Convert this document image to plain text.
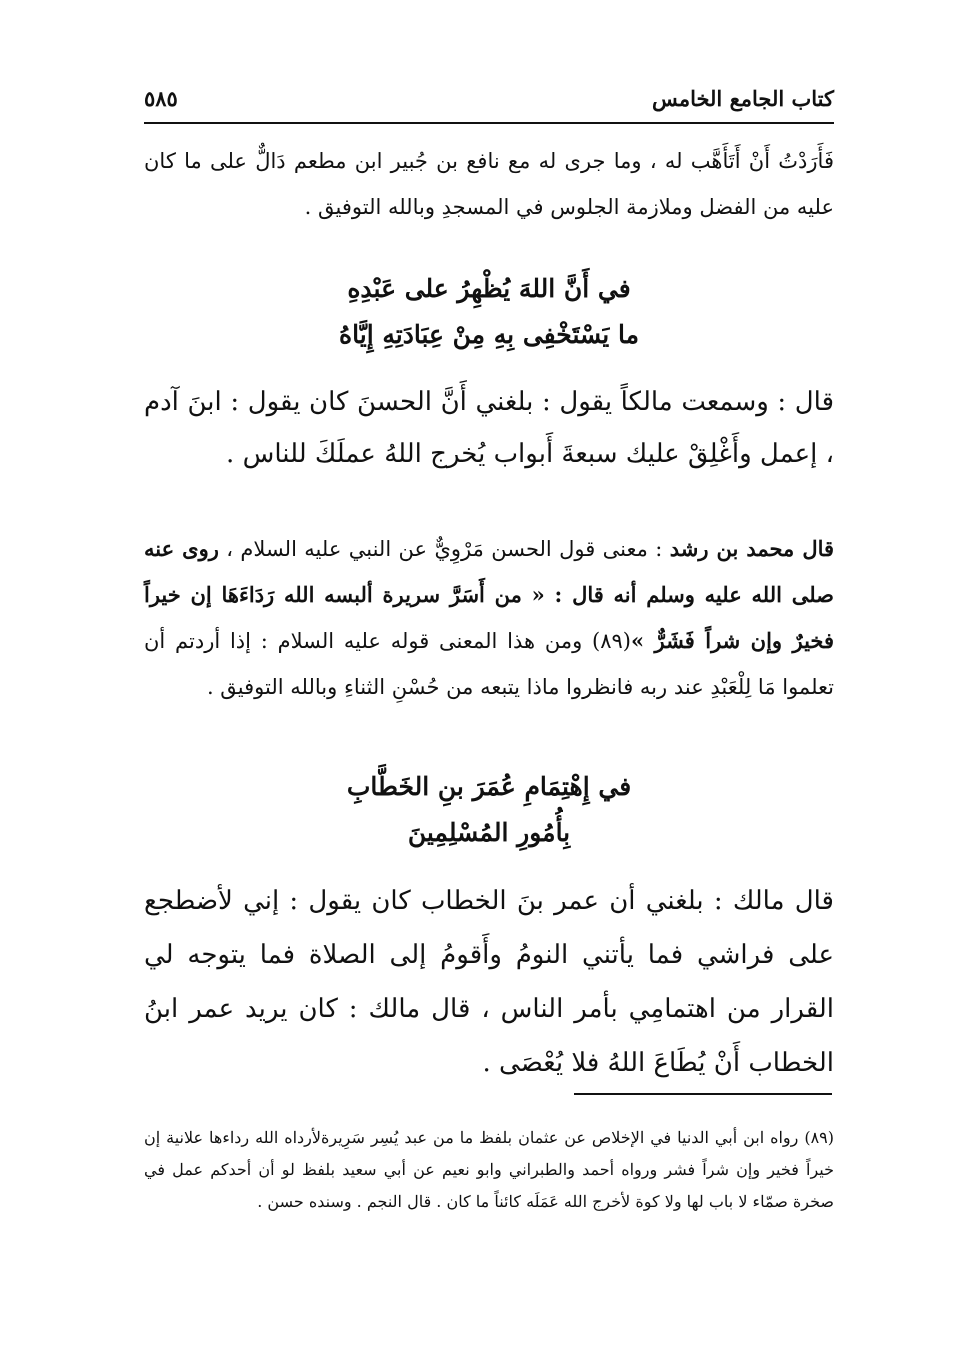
كتاب الجامع الخامس
٥٨٥

فَأَرَدْتُ أَنْ أَتَأَهَّب له ، وما جرى له مع نافع بن جُبير ابن مطعم دَالٌّ على ما كان عليه من الفضل وملازمة الجلوس في المسجدِ وبالله التوفيق .

في أَنَّ اللهَ يُظْهِرُ على عَبْدِهِ
ما يَسْتَخْفِى بِهِ مِنْ عِبَادَتِهِ إِيَّاهُ

قال : وسمعت مالكاً يقول : بلغني أَنَّ الحسنَ كان يقول : ابنَ آدم ، إعمل وأَغْلِقْ عليك سبعةَ أَبواب يُخرج اللهُ عملَكَ للناس .

قال محمد بن رشد : معنى قول الحسن مَرْوِيٌّ عن النبي عليه السلام ، روى عنه صلى الله عليه وسلم أنه قال : « من أَسَرَّ سريرة ألبسه الله رَدَاءَهَا إن خيراً فخيرٌ وإن شراً فَشَرٌّ »(٨٩) ومن هذا المعنى قوله عليه السلام : إذا أردتم أن تعلموا مَا لِلْعَبْدِ عند ربه فانظروا ماذا يتبعه من حُسْنِ الثناءِ وبالله التوفيق .

في إِهْتِمَامِ عُمَرَ بنِ الخَطَّابِ
بِأُمُورِ المُسْلِمِينَ

قال مالك : بلغني أن عمر بنَ الخطاب كان يقول : إني لأضطجع على فراشي فما يأتني النومُ وأَقومُ إلى الصلاة فما يتوجه لي القرار من اهتمامِي بأمر الناس ، قال مالك : كان يريد عمر ابنُ الخطاب أَنْ يُطَاعَ اللهُ فلا يُعْصَى .

(٨٩) رواه ابن أبي الدنيا في الإخلاص عن عثمان بلفظ ما من عبد يُسِر سَرِيرةلأرداه الله رداءها علانية إن خيراً فخير وإن شراً فشر ورواه أحمد والطبراني وابو نعيم عن أبي سعيد بلفظ لو أن أحدكم عمل في صخرة صمّاء لا باب لها ولا كوة لأخرج الله عَمَلَه كائناً ما كان . قال النجم . وسنده حسن .
